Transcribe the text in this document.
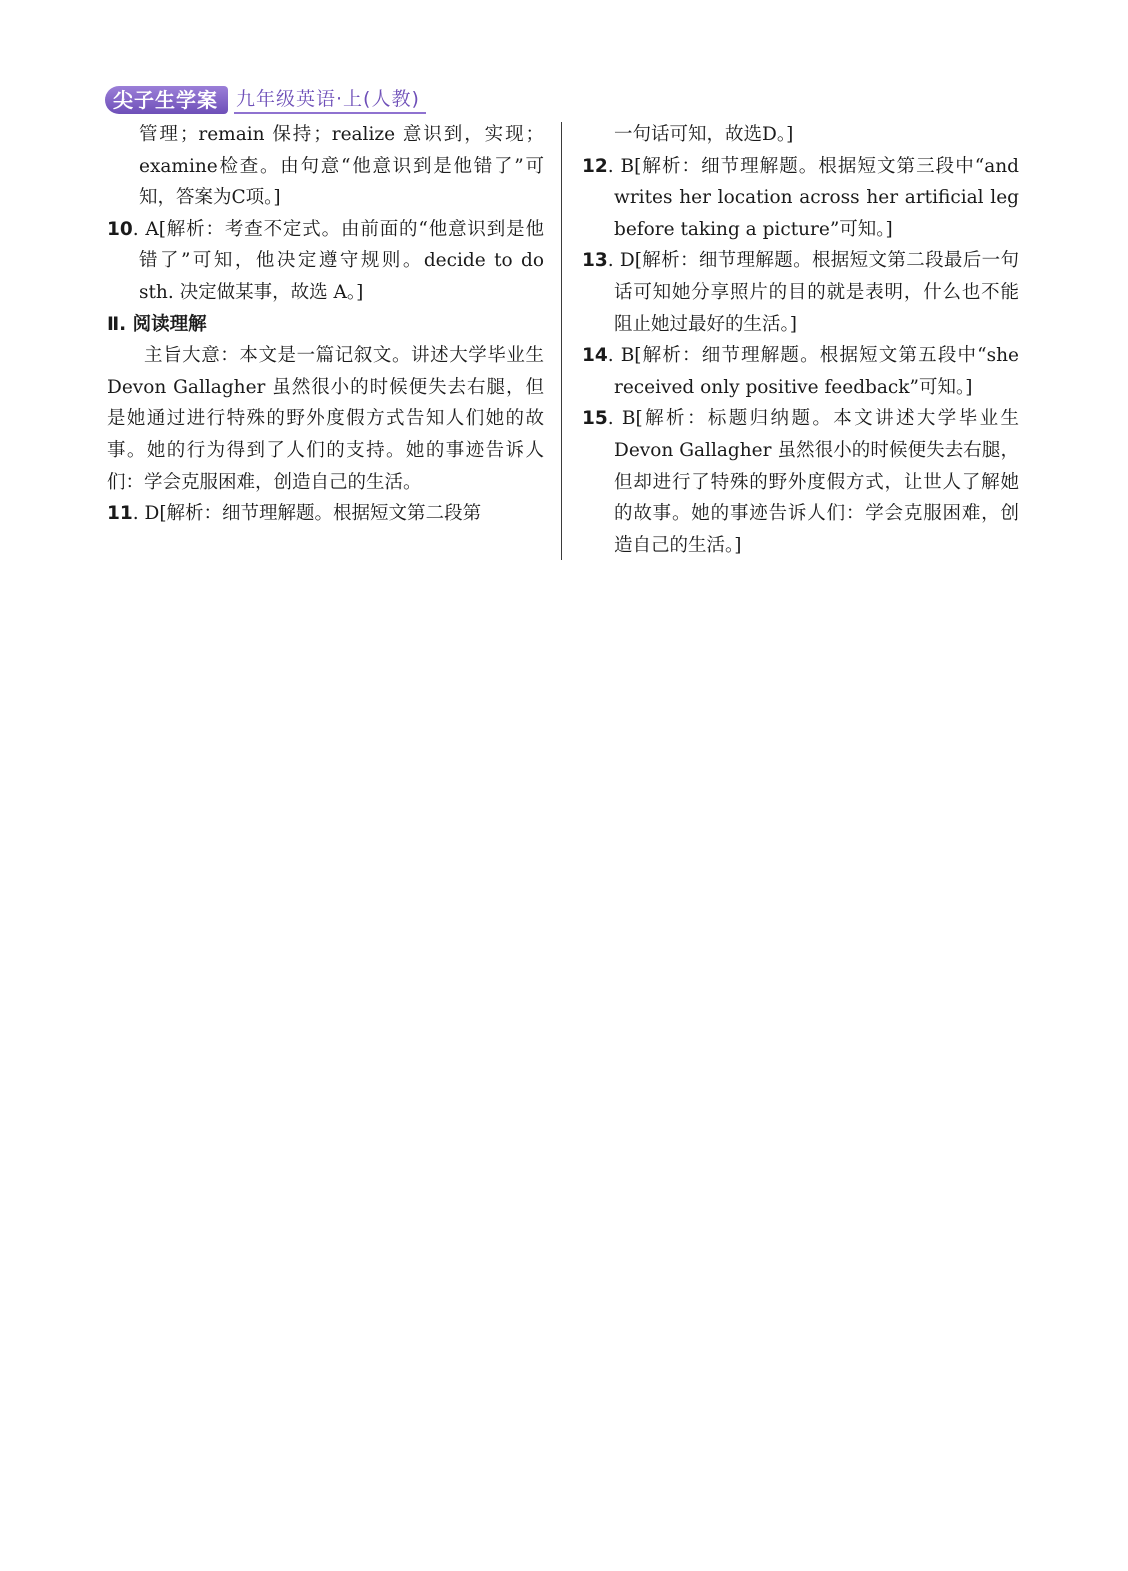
尖子生学案 九年级英语·上(人教)

管理；remain 保持；realize 意识到，实现；examine检查。由句意“他意识到是他错了”可知，答案为C项。]

10. A[解析：考查不定式。由前面的“他意识到是他错了”可知，他决定遵守规则。decide to do sth. 决定做某事，故选 A。]

Ⅱ. 阅读理解

主旨大意：本文是一篇记叙文。讲述大学毕业生 Devon Gallagher 虽然很小的时候便失去右腿，但是她通过进行特殊的野外度假方式告知人们她的故事。她的行为得到了人们的支持。她的事迹告诉人们：学会克服困难，创造自己的生活。

11. D[解析：细节理解题。根据短文第二段第

一句话可知，故选D。]

12. B[解析：细节理解题。根据短文第三段中“and writes her location across her artificial leg before taking a picture”可知。]

13. D[解析：细节理解题。根据短文第二段最后一句话可知她分享照片的目的就是表明，什么也不能阻止她过最好的生活。]

14. B[解析：细节理解题。根据短文第五段中“she received only positive feedback”可知。]

15. B[解析：标题归纳题。本文讲述大学毕业生 Devon Gallagher 虽然很小的时候便失去右腿，但却进行了特殊的野外度假方式，让世人了解她的故事。她的事迹告诉人们：学会克服困难，创造自己的生活。]
